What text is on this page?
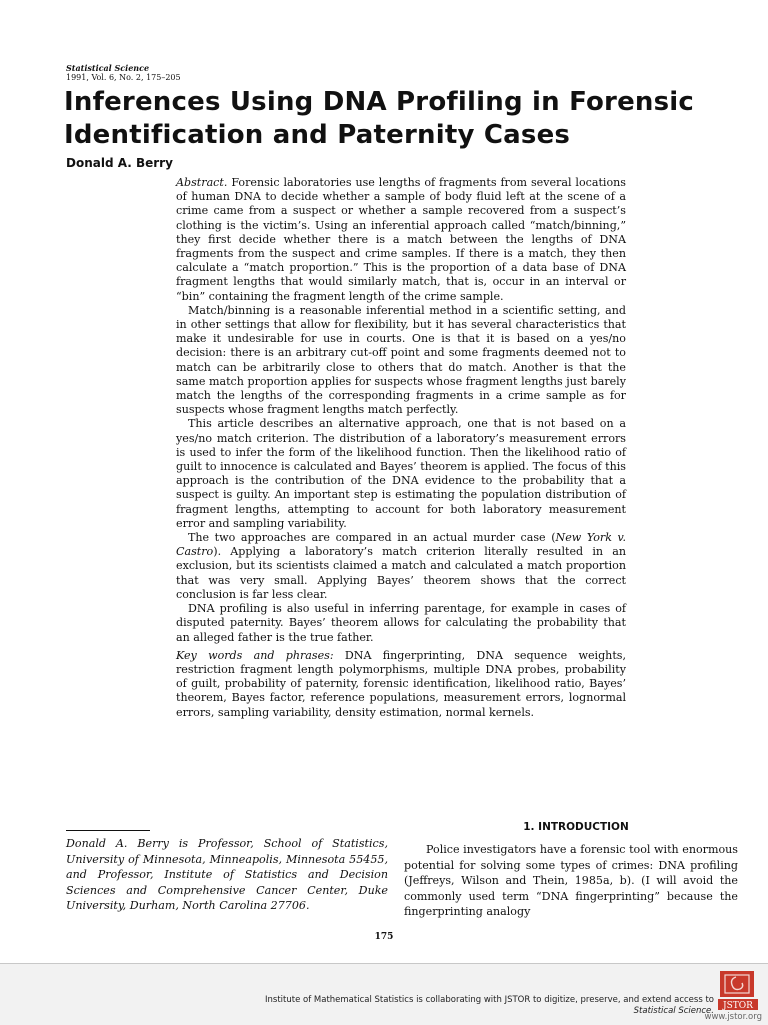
Statistical Science
1991, Vol. 6, No. 2, 175–205
Inferences Using DNA Profiling in Forensic Identification and Paternity Cases
Donald A. Berry

Abstract. Forensic laboratories use lengths of fragments from several locations of human DNA to decide whether a sample of body fluid left at the scene of a crime came from a suspect or whether a sample recovered from a suspect’s clothing is the victim’s. Using an inferential approach called “match/binning,” they first decide whether there is a match between the lengths of DNA fragments from the suspect and crime samples. If there is a match, they then calculate a “match proportion.” This is the proportion of a data base of DNA fragment lengths that would similarly match, that is, occur in an interval or “bin” containing the fragment length of the crime sample.

Match/binning is a reasonable inferential method in a scientific setting, and in other settings that allow for flexibility, but it has several characteristics that make it undesirable for use in courts. One is that it is based on a yes/no decision: there is an arbitrary cut-off point and some fragments deemed not to match can be arbitrarily close to others that do match. Another is that the same match proportion applies for suspects whose fragment lengths just barely match the lengths of the corresponding fragments in a crime sample as for suspects whose fragment lengths match perfectly.

This article describes an alternative approach, one that is not based on a yes/no match criterion. The distribution of a laboratory’s measurement errors is used to infer the form of the likelihood function. Then the likelihood ratio of guilt to innocence is calculated and Bayes’ theorem is applied. The focus of this approach is the contribution of the DNA evidence to the probability that a suspect is guilty. An important step is estimating the population distribution of fragment lengths, attempting to account for both laboratory measurement error and sampling variability.

The two approaches are compared in an actual murder case (New York v. Castro). Applying a laboratory’s match criterion literally resulted in an exclusion, but its scientists claimed a match and calculated a match proportion that was very small. Applying Bayes’ theorem shows that the correct conclusion is far less clear.

DNA profiling is also useful in inferring parentage, for example in cases of disputed paternity. Bayes’ theorem allows for calculating the probability that an alleged father is the true father.

Key words and phrases: DNA fingerprinting, DNA sequence weights, restriction fragment length polymorphisms, multiple DNA probes, probability of guilt, probability of paternity, forensic identification, likelihood ratio, Bayes’ theorem, Bayes factor, reference populations, measurement errors, lognormal errors, sampling variability, density estimation, normal kernels.

Donald A. Berry is Professor, School of Statistics, University of Minnesota, Minneapolis, Minnesota 55455, and Professor, Institute of Statistics and Decision Sciences and Comprehensive Cancer Center, Duke University, Durham, North Carolina 27706.
1. INTRODUCTION

Police investigators have a forensic tool with enormous potential for solving some types of crimes: DNA profiling (Jeffreys, Wilson and Thein, 1985a, b). (I will avoid the commonly used term “DNA fingerprinting” because the fingerprinting analogy

175
Institute of Mathematical Statistics is collaborating with JSTOR to digitize, preserve, and extend access to
Statistical Science. JSTOR
www.jstor.org
